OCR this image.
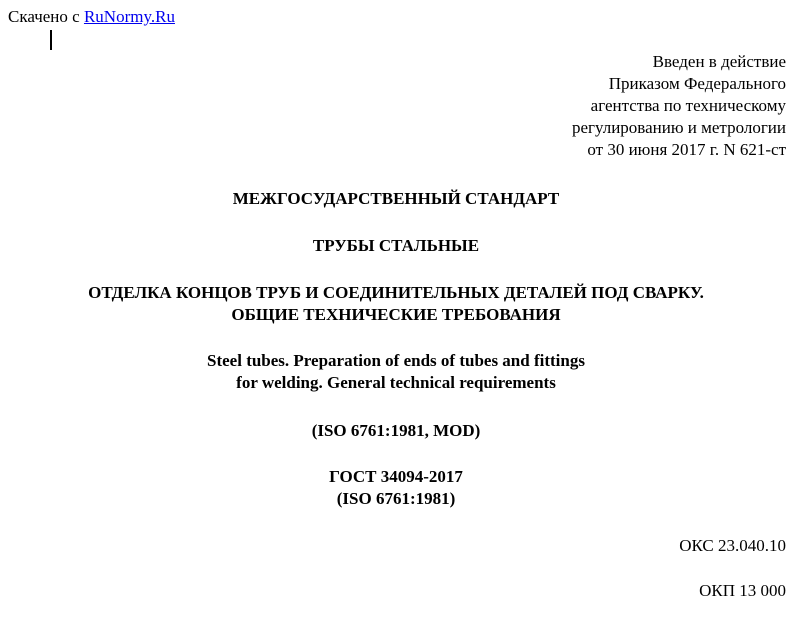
Скачено с RuNormy.Ru
Введен в действие
Приказом Федерального
агентства по техническому
регулированию и метрологии
от 30 июня 2017 г. N 621-ст
МЕЖГОСУДАРСТВЕННЫЙ СТАНДАРТ
ТРУБЫ СТАЛЬНЫЕ
ОТДЕЛКА КОНЦОВ ТРУБ И СОЕДИНИТЕЛЬНЫХ ДЕТАЛЕЙ ПОД СВАРКУ.
ОБЩИЕ ТЕХНИЧЕСКИЕ ТРЕБОВАНИЯ
Steel tubes. Preparation of ends of tubes and fittings
for welding. General technical requirements
(ISO 6761:1981, MOD)
ГОСТ 34094-2017
(ISO 6761:1981)
ОКС 23.040.10
ОКП 13 000
